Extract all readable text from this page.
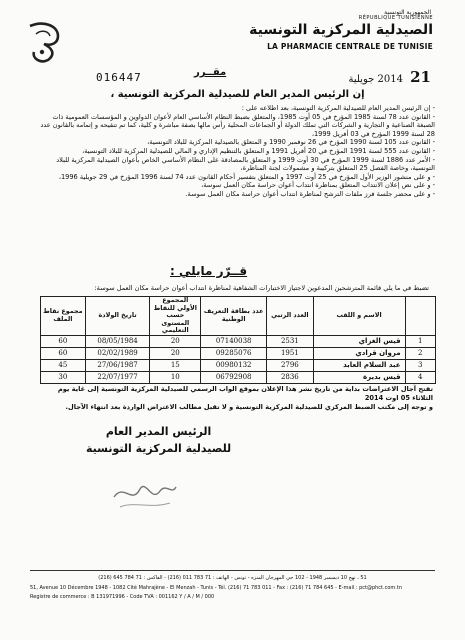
الجمهورية التونسية
RÉPUBLIQUE TUNISIENNE
الصيدلية المركزية التونسية
LA PHARMACIE CENTRALE DE TUNISIE
016447	مقــرر	21 2014 جويلية
إن الرئيس المدير العام للصيدلية المركزية التونسية ،

- إن الرئيس المدير العام للصيدلية المركزية التونسية، بعد اطلاعه على :

- القانون عدد 78 لسنة 1985 المؤرخ في 05 أوت 1985، والمتعلق بضبط النظام الأساسي العام لأعوان الدواوين و المؤسسات العمومية ذات الصبغة الصناعية و التجارية و الشركات التي تملك الدولة أو الجماعات المحلية رأس مالها بصفة مباشرة و كلية، كما تم تنقيحه و إتمامه بالقانون عدد 28 لسنة 1999 المؤرخ في 03 أفريل 1999،

- القانون عدد 105 لسنة 1990 المؤرخ في 26 نوفمبر 1990 و المتعلق بالصيدلية المركزية للبلاد التونسية،

- القانون عدد 555 لسنة 1991 المؤرخ في 20 أفريل 1991 و المتعلق بالتنظيم الإداري و المالي للصيدلية المركزية للبلاد التونسية،

- الأمر عدد 1886 لسنة 1999 المؤرخ في 30 أوت 1999 و المتعلق بالمصادقة على النظام الأساسي الخاص بأعوان الصيدلية المركزية للبلاد التونسية، وخاصة الفصل 25 المتعلق بتركيبة و مشمولات لجنة المناظرة،

- و على منشور الوزير الأول المؤرخ في 25 أوت 1997 و المتعلق بتفسير أحكام القانون عدد 74 لسنة 1996 المؤرخ في 29 جويلية 1996،

- و على نص إعلان الانتداب المتعلق بمناظرة انتداب أعوان حراسة مكان العمل سوسة،

- و على محضر جلسة فرز ملفات الترشح لمناظرة انتداب أعوان حراسة مكان العمل سوسة.

قــرّر مايلي :
تضبط في ما يلي قائمة المترشحين المدعوين لاجتياز الاختبارات الشفاهية لمناظرة انتداب أعوان حراسة مكان العمل سوسة:
	الاسم و اللقب	العدد الرتبي	عدد بطاقة التعريف الوطنية	المجموع الأولي للنقاط حسب المستوى التعليمي	تاريخ الولادة	مجموع نقاط الملف
1	قيس الغزاي	2531	07140038	20	08/05/1984	60
2	مروان قرادي	1951	09285076	20	02/02/1989	60
3	عبد السلام العابد	2796	00980132	15	27/06/1987	45
4	قيس بديرة	2836	06792908	10	22/07/1977	30

تفتح آجال الاعتراضات بداية من تاريخ نشر هذا الإعلان بموقع الواب الرسمي للصيدلية المركزية التونسية إلى غاية يوم الثلاثاء 05 اوت 2014

و توجه إلى مكتب الضبط المركزي للصيدلية المركزية التونسية و لا تقبل مطالب الاعتراض الواردة بعد انتهاء الآجال.

الرئيس المدير العام
للصيدلية المركزية التونسية
51 ، نهج 10 ديسمبر 1948 - 102 حي المهرجان المنزه - تونس - الهاتف : 71 783 011 (216) - الفاكس : 71 784 645 (216)
51, Avenue 10 Décembre 1948 - 1082 Cité Mahrajène - El Menzah - Tunis - Tél. (216) 71 783 011 - Fax : (216) 71 784 645 - E-mail : pct@phct.com.tn
Registre de commerce : B 131971996 - Code TVA : 001162 Y / A / M / 000
